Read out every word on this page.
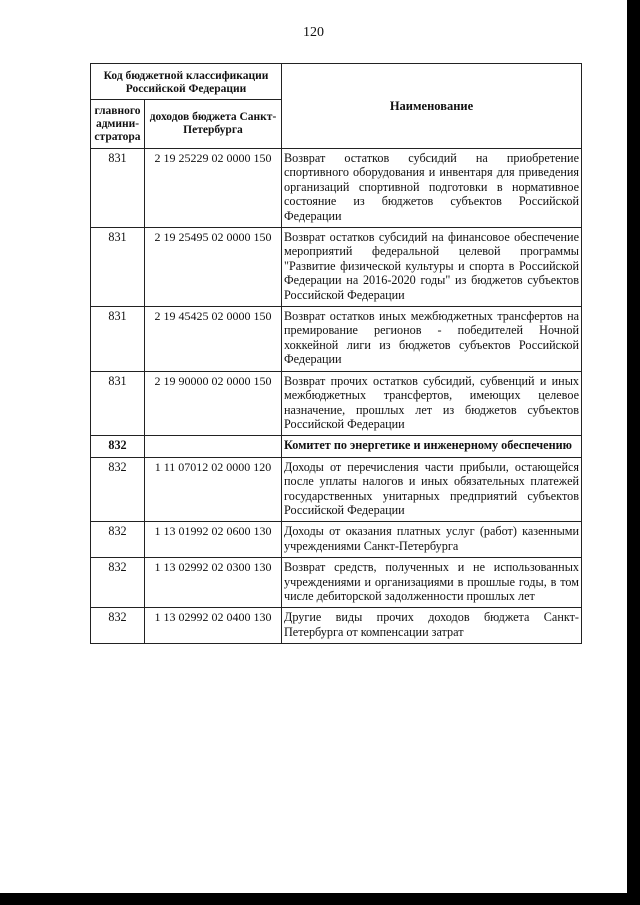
120
Код бюджетной классификации Российской Федерации		Наименование
главного админи-стратора	доходов бюджета Санкт-Петербурга	
831	2 19 25229 02 0000 150	Возврат остатков субсидий на приобретение спортивного оборудования и инвентаря для приведения организаций спортивной подготовки в нормативное состояние из бюджетов субъектов Российской Федерации
831	2 19 25495 02 0000 150	Возврат остатков субсидий на финансовое обеспечение мероприятий федеральной целевой программы "Развитие физической культуры и спорта в Российской Федерации на 2016-2020 годы" из бюджетов субъектов Российской Федерации
831	2 19 45425 02 0000 150	Возврат остатков иных межбюджетных трансфертов на премирование регионов - победителей Ночной хоккейной лиги из бюджетов субъектов Российской Федерации
831	2 19 90000 02 0000 150	Возврат прочих остатков субсидий, субвенций и иных межбюджетных трансфертов, имеющих целевое назначение, прошлых лет из бюджетов субъектов Российской Федерации
832		Комитет по энергетике и инженерному обеспечению
832	1 11 07012 02 0000 120	Доходы от перечисления части прибыли, остающейся после уплаты налогов и иных обязательных платежей государственных унитарных предприятий субъектов Российской Федерации
832	1 13 01992 02 0600 130	Доходы от оказания платных услуг (работ) казенными учреждениями Санкт-Петербурга
832	1 13 02992 02 0300 130	Возврат средств, полученных и не использованных учреждениями и организациями в прошлые годы, в том числе дебиторской задолженности прошлых лет
832	1 13 02992 02 0400 130	Другие виды прочих доходов бюджета Санкт-Петербурга от компенсации затрат
